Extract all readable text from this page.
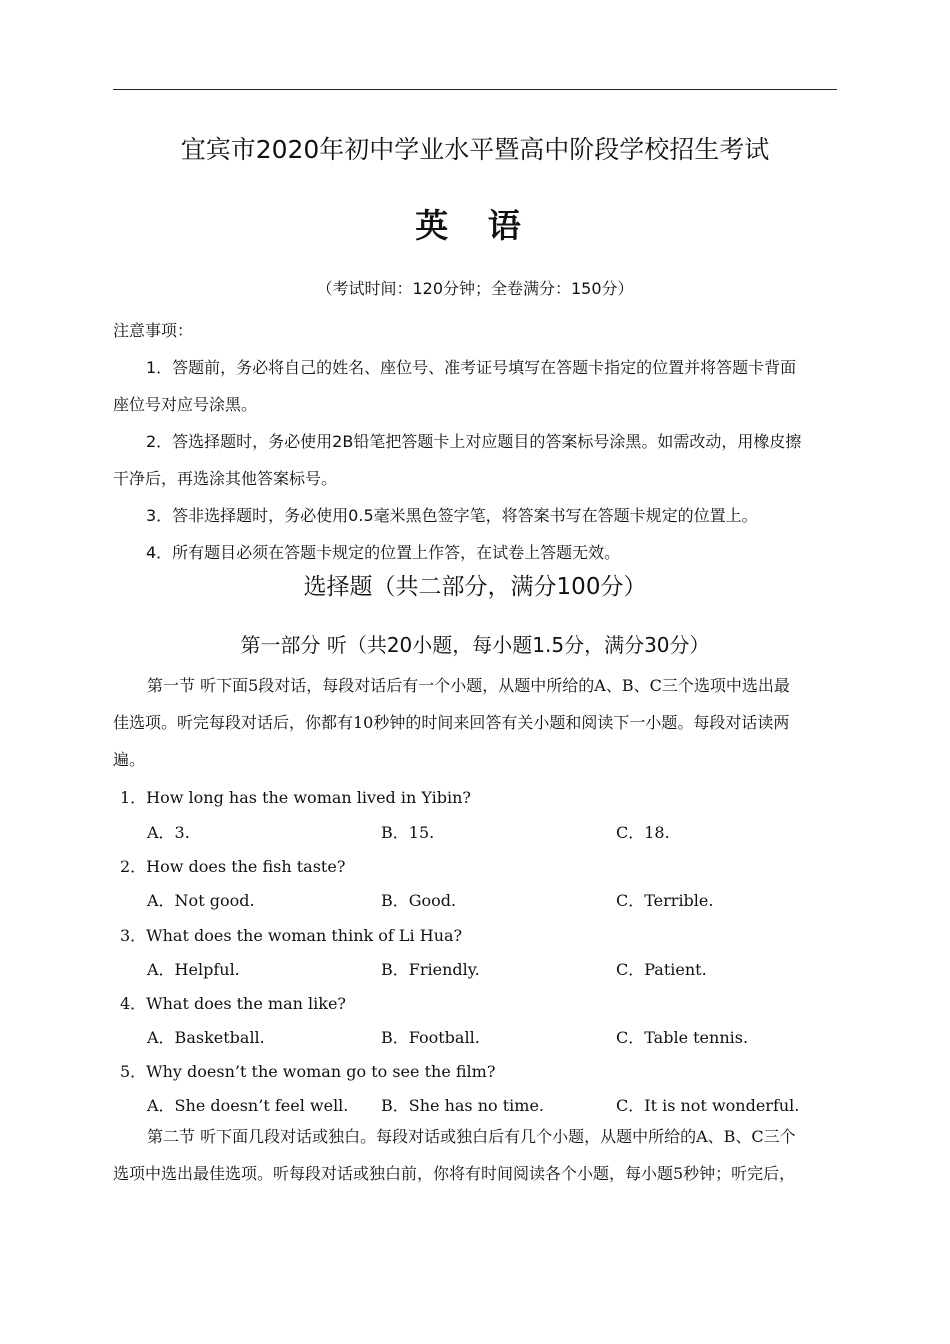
宜宾市2020年初中学业水平暨高中阶段学校招生考试
英 语
（考试时间：120分钟；全卷满分：150分）
注意事项：
1．答题前，务必将自己的姓名、座位号、准考证号填写在答题卡指定的位置并将答题卡背面
座位号对应号涂黑。
2．答选择题时，务必使用2B铅笔把答题卡上对应题目的答案标号涂黑。如需改动，用橡皮擦
干净后，再选涂其他答案标号。
3．答非选择题时，务必使用0.5毫米黑色签字笔，将答案书写在答题卡规定的位置上。
4．所有题目必须在答题卡规定的位置上作答，在试卷上答题无效。
选择题（共二部分，满分100分）
第一部分 听（共20小题，每小题1.5分，满分30分）
第一节 听下面5段对话，每段对话后有一个小题，从题中所给的A、B、C三个选项中选出最
佳选项。听完每段对话后，你都有10秒钟的时间来回答有关小题和阅读下一小题。每段对话读两
遍。
1．How long has the woman lived in Yibin?
A．3.	B．15.	C．18.
2．How does the fish taste?
A．Not good.	B．Good.	C．Terrible.
3．What does the woman think of Li Hua?
A．Helpful.	B．Friendly.	C．Patient.
4．What does the man like?
A．Basketball.	B．Football.	C．Table tennis.
5．Why doesn’t the woman go to see the film?
A．She doesn’t feel well. B．She has no time.	C．It is not wonderful.
第二节 听下面几段对话或独白。每段对话或独白后有几个小题，从题中所给的A、B、C三个
选项中选出最佳选项。听每段对话或独白前，你将有时间阅读各个小题，每小题5秒钟；听完后，
